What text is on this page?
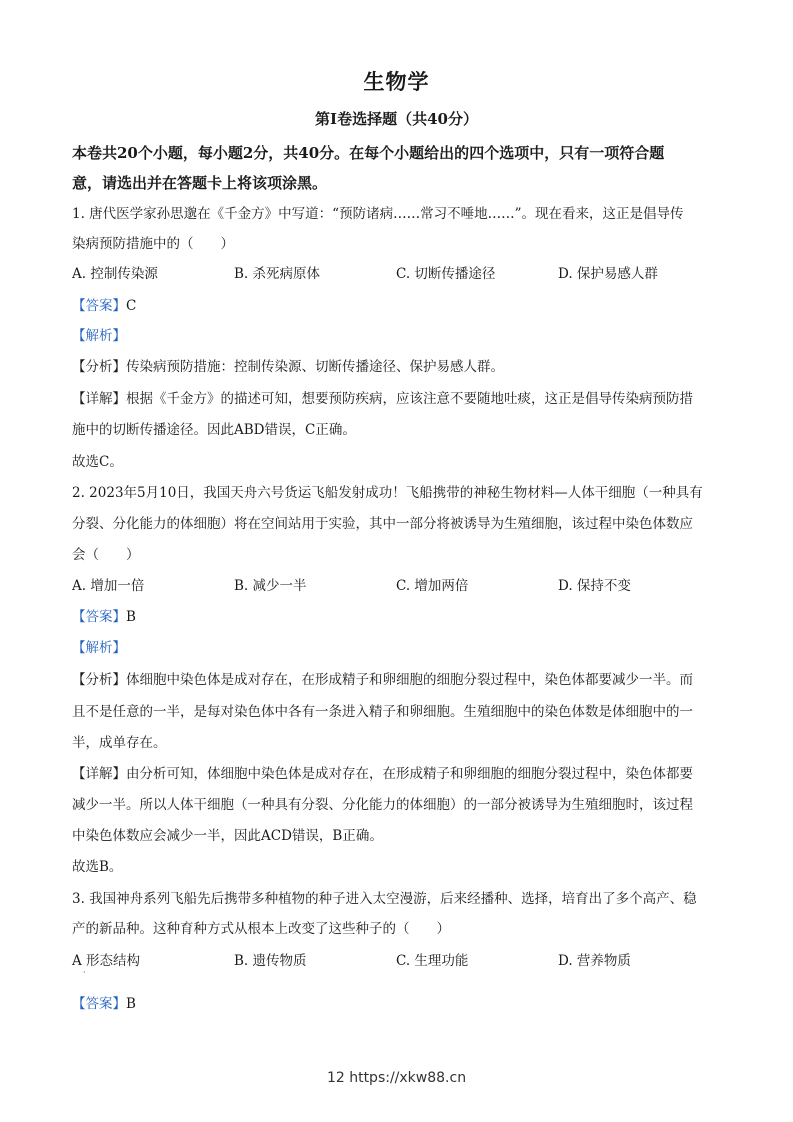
生物学
第Ⅰ卷选择题（共40分）
本卷共20个小题，每小题2分，共40分。在每个小题给出的四个选项中，只有一项符合题
意，请选出并在答题卡上将该项涂黑。
1. 唐代医学家孙思邈在《千金方》中写道：“预防诸病……常习不唾地……”。现在看来，这正是倡导传
染病预防措施中的（　　）
A. 控制传染源	B. 杀死病原体	C. 切断传播途径	D. 保护易感人群
【答案】C
【解析】
【分析】传染病预防措施：控制传染源、切断传播途径、保护易感人群。
【详解】根据《千金方》的描述可知，想要预防疾病，应该注意不要随地吐痰，这正是倡导传染病预防措
施中的切断传播途径。因此ABD错误，C正确。
故选C。
2. 2023年5月10日，我国天舟六号货运飞船发射成功！飞船携带的神秘生物材料—人体干细胞（一种具有
分裂、分化能力的体细胞）将在空间站用于实验，其中一部分将被诱导为生殖细胞，该过程中染色体数应
会（　　）
A. 增加一倍	B. 减少一半	C. 增加两倍	D. 保持不变
【答案】B
【解析】
【分析】体细胞中染色体是成对存在，在形成精子和卵细胞的细胞分裂过程中，染色体都要减少一半。而
且不是任意的一半，是每对染色体中各有一条进入精子和卵细胞。生殖细胞中的染色体数是体细胞中的一
半，成单存在。
【详解】由分析可知，体细胞中染色体是成对存在，在形成精子和卵细胞的细胞分裂过程中，染色体都要
减少一半。所以人体干细胞（一种具有分裂、分化能力的体细胞）的一部分被诱导为生殖细胞时，该过程
中染色体数应会减少一半，因此ACD错误，B正确。
故选B。
3. 我国神舟系列飞船先后携带多种植物的种子进入太空漫游，后来经播种、选择，培育出了多个高产、稳
产的新品种。这种育种方式从根本上改变了这些种子的（　　）
A 形态结构
·
B. 遗传物质	C. 生理功能	D. 营养物质
【答案】B
12 https://xkw88.cn
